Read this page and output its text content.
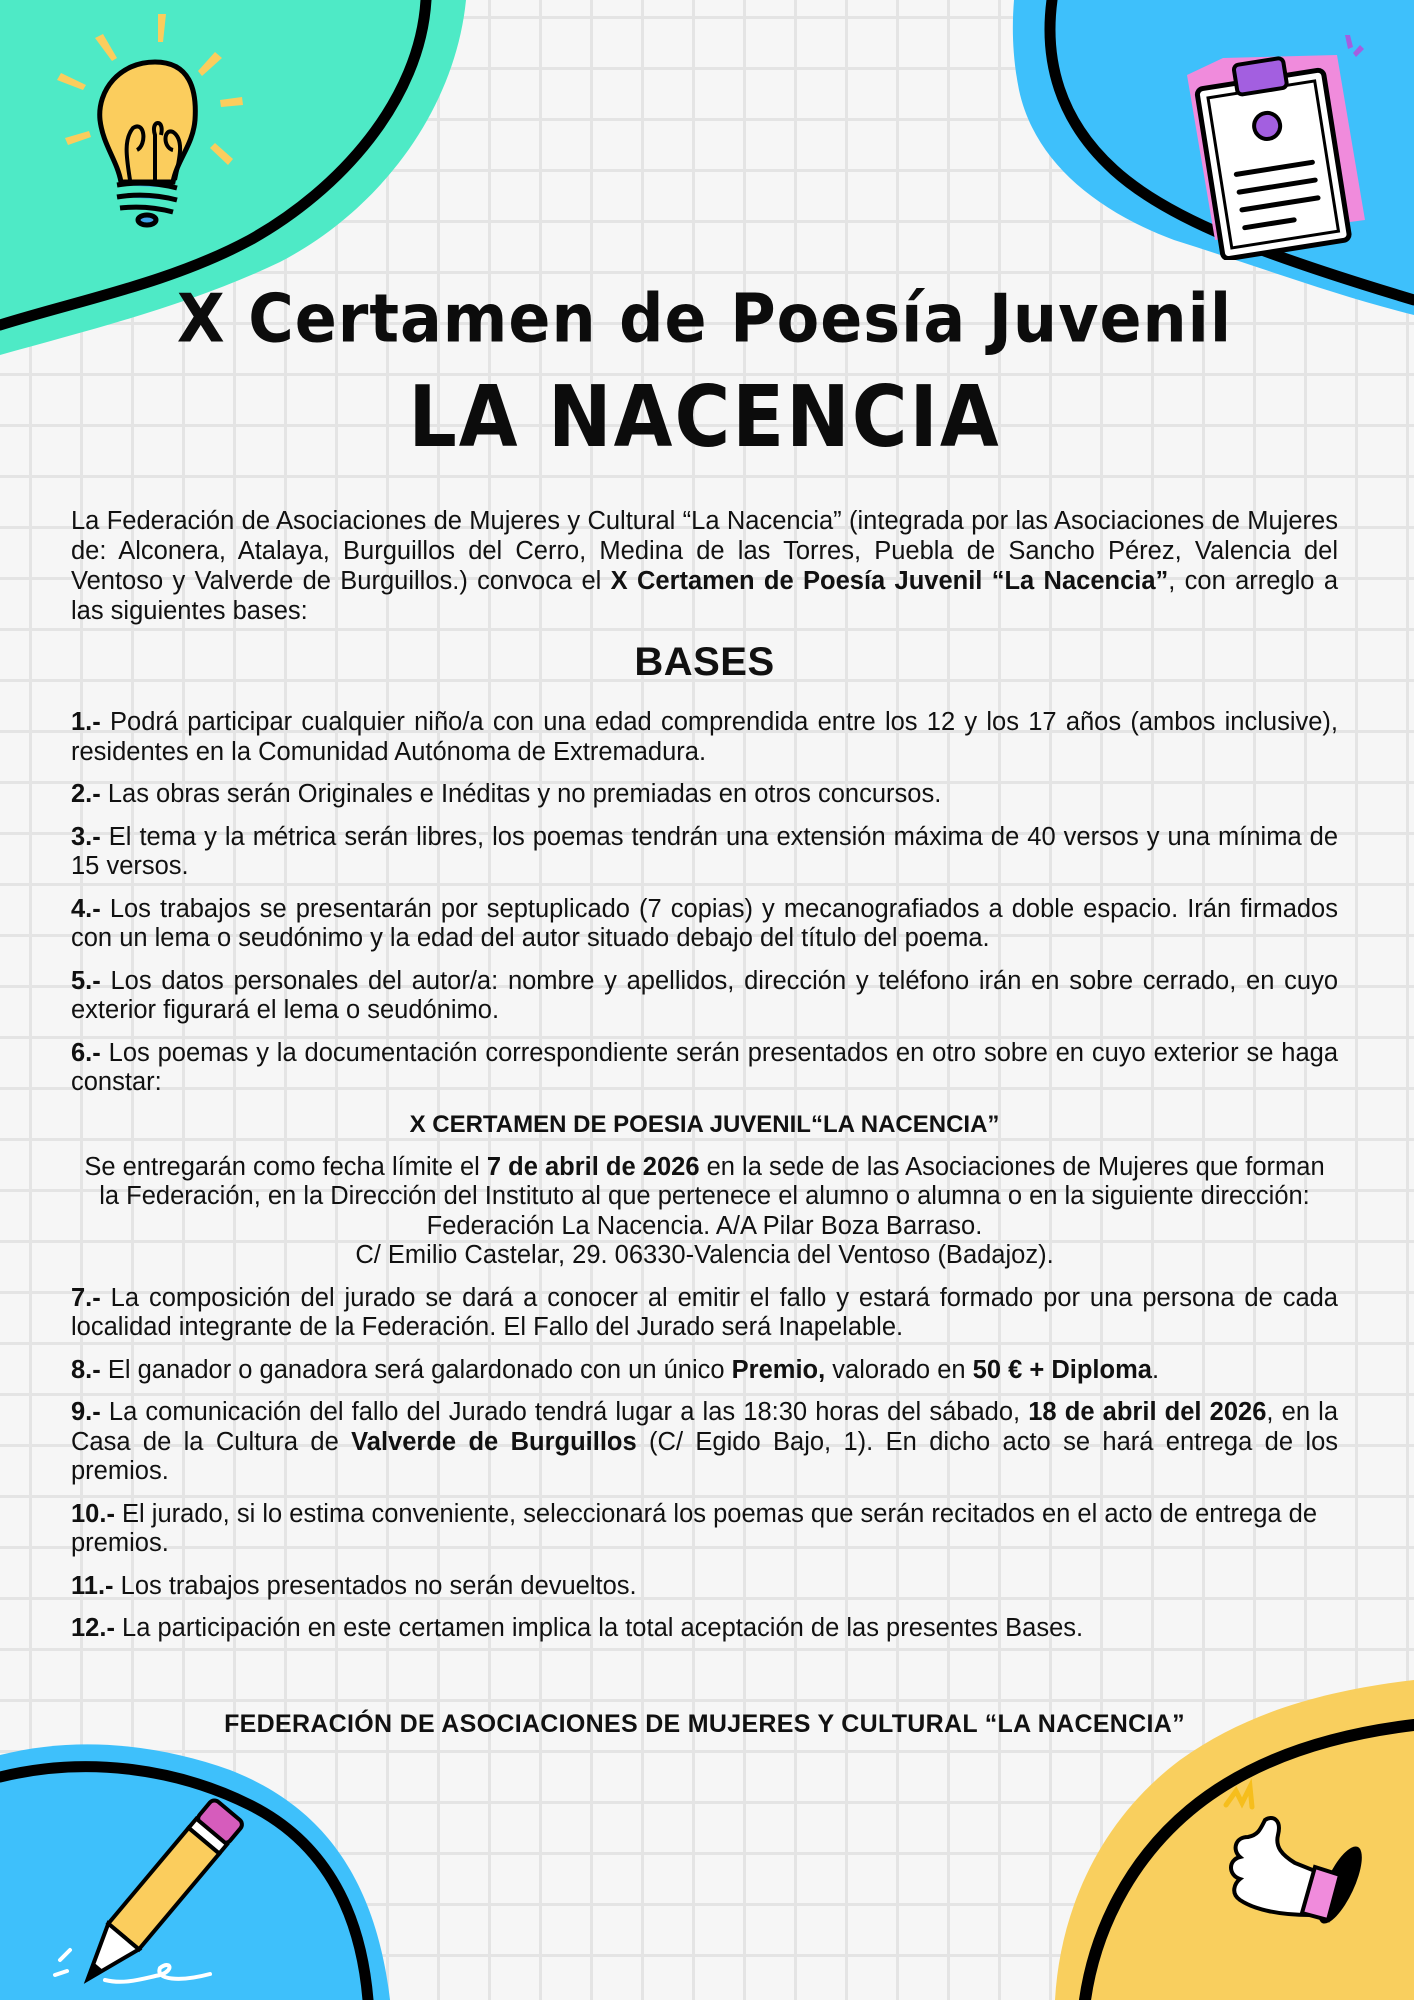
X Certamen de Poesía Juvenil
LA NACENCIA

La Federación de Asociaciones de Mujeres y Cultural “La Nacencia” (integrada por las Asociaciones de Mujeres de: Alconera, Atalaya, Burguillos del Cerro, Medina de las Torres, Puebla de Sancho Pérez, Valencia del Ventoso y Valverde de Burguillos.) convoca el X Certamen de Poesía Juvenil “La Nacencia”, con arreglo a las siguientes bases:

BASES

1.- Podrá participar cualquier niño/a con una edad comprendida entre los 12 y los 17 años (ambos inclusive), residentes en la Comunidad Autónoma de Extremadura.

2.- Las obras serán Originales e Inéditas y no premiadas en otros concursos.

3.- El tema y la métrica serán libres, los poemas tendrán una extensión máxima de 40 versos y una mínima de 15 versos.

4.- Los trabajos se presentarán por septuplicado (7 copias) y mecanografiados a doble espacio. Irán firmados con un lema o seudónimo y la edad del autor situado debajo del título del poema.

5.- Los datos personales del autor/a: nombre y apellidos, dirección y teléfono irán en sobre cerrado, en cuyo exterior figurará el lema o seudónimo.

6.- Los poemas y la documentación correspondiente serán presentados en otro sobre en cuyo exterior se haga constar:

X CERTAMEN DE POESIA JUVENIL“LA NACENCIA”
Se entregarán como fecha límite el 7 de abril de 2026 en la sede de las Asociaciones de Mujeres que forman la Federación, en la Dirección del Instituto al que pertenece el alumno o alumna o en la siguiente dirección:
Federación La Nacencia. A/A Pilar Boza Barraso.
C/ Emilio Castelar, 29. 06330-Valencia del Ventoso (Badajoz).

7.- La composición del jurado se dará a conocer al emitir el fallo y estará formado por una persona de cada localidad integrante de la Federación. El Fallo del Jurado será Inapelable.

8.- El ganador o ganadora será galardonado con un único Premio, valorado en 50 € + Diploma.

9.- La comunicación del fallo del Jurado tendrá lugar a las 18:30 horas del sábado, 18 de abril del 2026, en la Casa de la Cultura de Valverde de Burguillos (C/ Egido Bajo, 1). En dicho acto se hará entrega de los premios.

10.- El jurado, si lo estima conveniente, seleccionará los poemas que serán recitados en el acto de entrega de premios.

11.- Los trabajos presentados no serán devueltos.

12.- La participación en este certamen implica la total aceptación de las presentes Bases.

FEDERACIÓN DE ASOCIACIONES DE MUJERES Y CULTURAL “LA NACENCIA”
